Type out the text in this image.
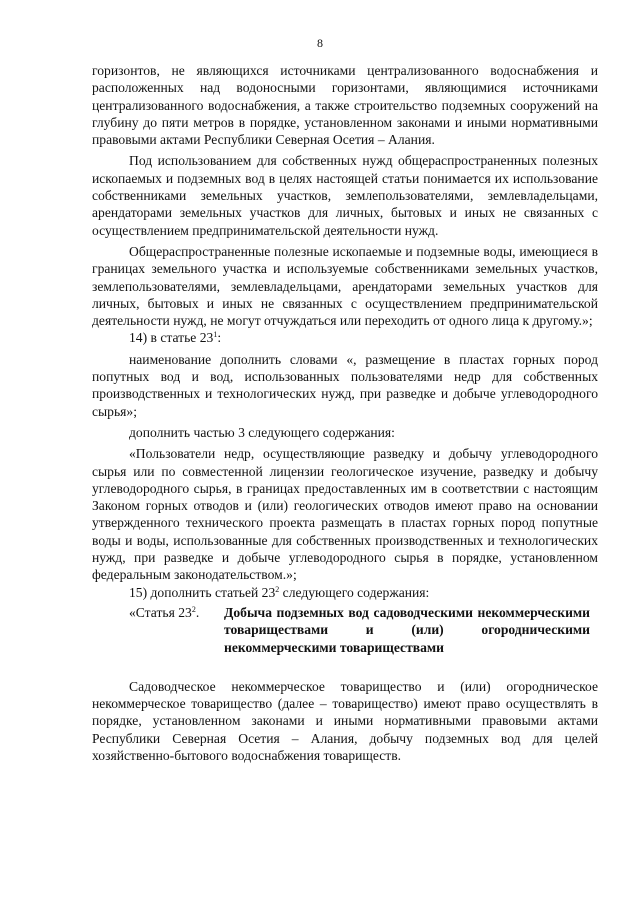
8

горизонтов, не являющихся источниками централизованного водоснабжения и расположенных над водоносными горизонтами, являющимися источниками централизованного водоснабжения, а также строительство подземных сооружений на глубину до пяти метров в порядке, установленном законами и иными нормативными правовыми актами Республики Северная Осетия – Алания.

Под использованием для собственных нужд общераспространенных полезных ископаемых и подземных вод в целях настоящей статьи понимается их использование собственниками земельных участков, землепользователями, землевладельцами, арендаторами земельных участков для личных, бытовых и иных не связанных с осуществлением предпринимательской деятельности нужд.

Общераспространенные полезные ископаемые и подземные воды, имеющиеся в границах земельного участка и используемые собственниками земельных участков, землепользователями, землевладельцами, арендаторами земельных участков для личных, бытовых и иных не связанных с осуществлением предпринимательской деятельности нужд, не могут отчуждаться или переходить от одного лица к другому.»;

14) в статье $23^1$:

наименование дополнить словами «, размещение в пластах горных пород попутных вод и вод, использованных пользователями недр для собственных производственных и технологических нужд, при разведке и добыче углеводородного сырья»;

дополнить частью 3 следующего содержания:

«Пользователи недр, осуществляющие разведку и добычу углеводородного сырья или по совместенной лицензии геологическое изучение, разведку и добычу углеводородного сырья, в границах предоставленных им в соответствии с настоящим Законом горных отводов и (или) геологических отводов имеют право на основании утвержденного технического проекта размещать в пластах горных пород попутные воды и воды, использованные для собственных производственных и технологических нужд, при разведке и добыче углеводородного сырья в порядке, установленном федеральным законодательством.»;

15) дополнить статьей $23^2$ следующего содержания:

«Статья $23^2$.	Добыча подземных вод садоводческими некоммерческими товариществами и (или) огородническими некоммерческими товариществами

Садоводческое некоммерческое товарищество и (или) огородническое некоммерческое товарищество (далее – товарищество) имеют право осуществлять в порядке, установленном законами и иными нормативными правовыми актами Республики Северная Осетия – Алания, добычу подземных вод для целей хозяйственно-бытового водоснабжения товариществ.
